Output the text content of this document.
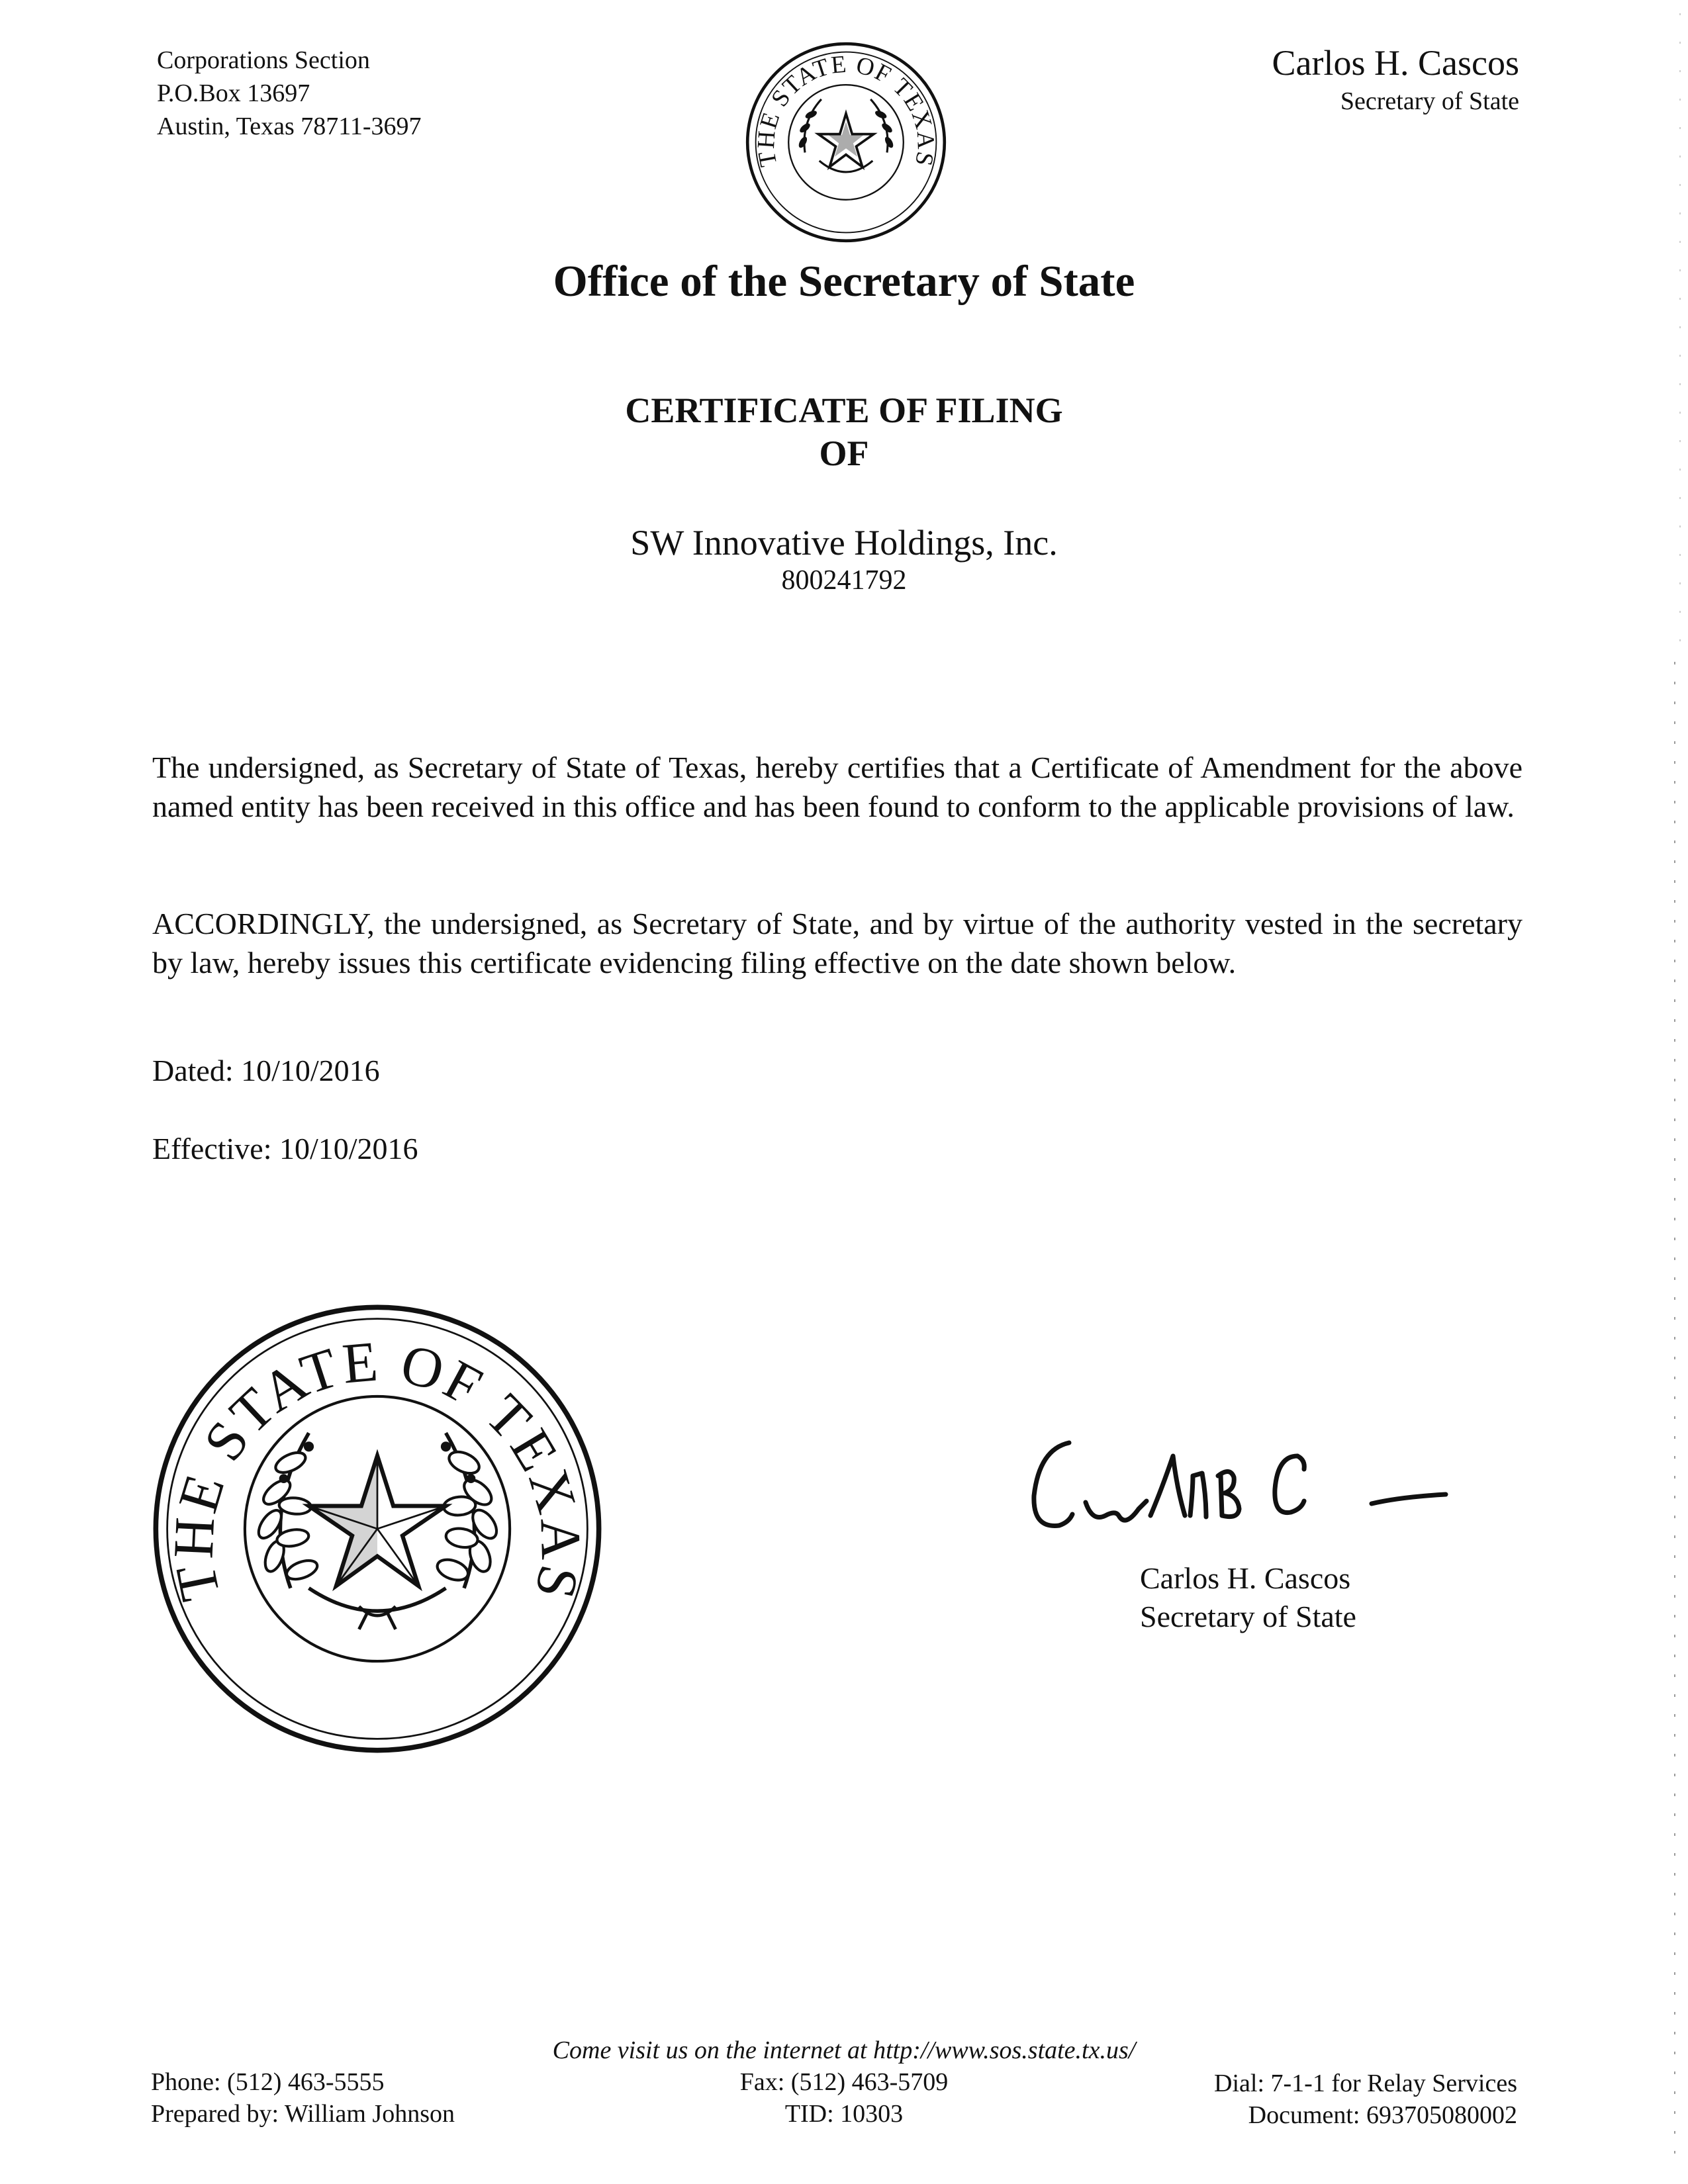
Corporations Section
P.O.Box 13697
Austin, Texas 78711-3697
Carlos H. Cascos
Secretary of State
THE STATE OF TEXAS
Office of the Secretary of State
CERTIFICATE OF FILING
OF
SW Innovative Holdings, Inc.
800241792
The undersigned, as Secretary of State of Texas, hereby certifies that a Certificate of Amendment for the above named entity has been received in this office and has been found to conform to the applicable provisions of law.
ACCORDINGLY, the undersigned, as Secretary of State, and by virtue of the authority vested in the secretary by law, hereby issues this certificate evidencing filing effective on the date shown below.
Dated: 10/10/2016
Effective: 10/10/2016
THE STATE OF TEXAS	Carlos H. Cascos
Secretary of State
Come visit us on the internet at http://www.sos.state.tx.us/
Phone: (512) 463-5555
Prepared by: William Johnson
Fax: (512) 463-5709
TID: 10303
Dial: 7-1-1 for Relay Services
Document: 693705080002
